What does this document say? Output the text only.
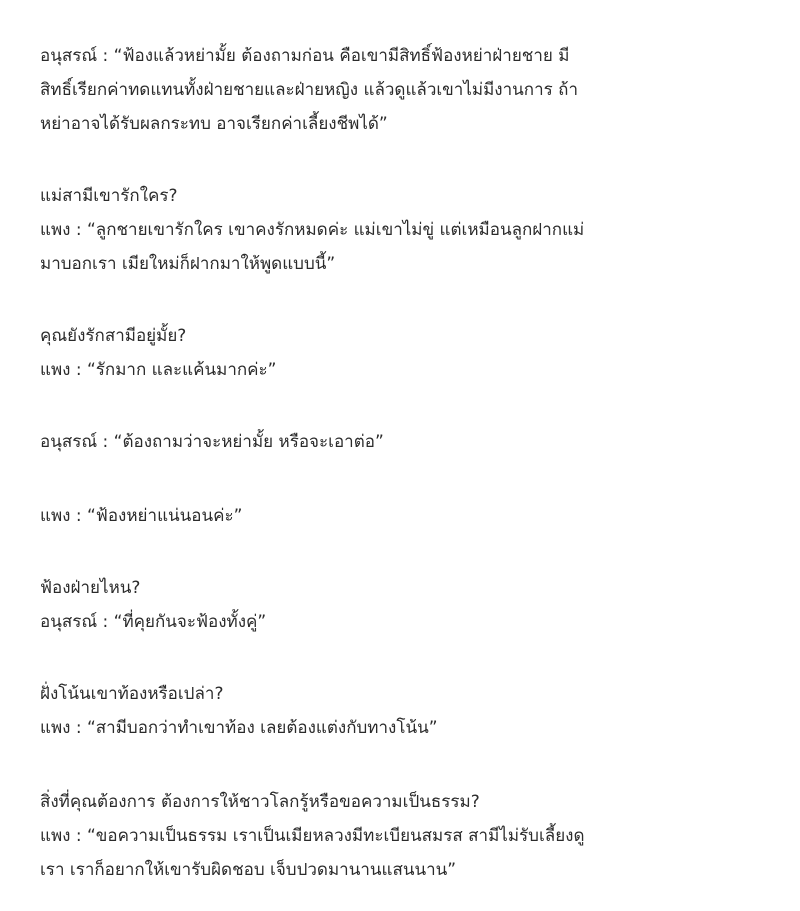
อนุสรณ์ : “ฟ้องแล้วหย่ามั้ย ต้องถามก่อน คือเขามีสิทธิ์ฟ้องหย่าฝ่ายชาย มี
สิทธิ์เรียกค่าทดแทนทั้งฝ่ายชายและฝ่ายหญิง แล้วดูแล้วเขาไม่มีงานการ ถ้า
หย่าอาจได้รับผลกระทบ อาจเรียกค่าเลี้ยงชีพได้”
แม่สามีเขารักใคร?
แพง : “ลูกชายเขารักใคร เขาคงรักหมดค่ะ แม่เขาไม่ขู่ แต่เหมือนลูกฝากแม่
มาบอกเรา เมียใหม่ก็ฝากมาให้พูดแบบนี้”
คุณยังรักสามีอยู่มั้ย?
แพง : “รักมาก และแค้นมากค่ะ”
อนุสรณ์ : “ต้องถามว่าจะหย่ามั้ย หรือจะเอาต่อ”
แพง : “ฟ้องหย่าแน่นอนค่ะ”
ฟ้องฝ่ายไหน?
อนุสรณ์ : “ที่คุยกันจะฟ้องทั้งคู่”
ฝั่งโน้นเขาท้องหรือเปล่า?
แพง : “สามีบอกว่าทำเขาท้อง เลยต้องแต่งกับทางโน้น”
สิ่งที่คุณต้องการ ต้องการให้ชาวโลกรู้หรือขอความเป็นธรรม?
แพง : “ขอความเป็นธรรม เราเป็นเมียหลวงมีทะเบียนสมรส สามีไม่รับเลี้ยงดู
เรา เราก็อยากให้เขารับผิดชอบ เจ็บปวดมานานแสนนาน”
